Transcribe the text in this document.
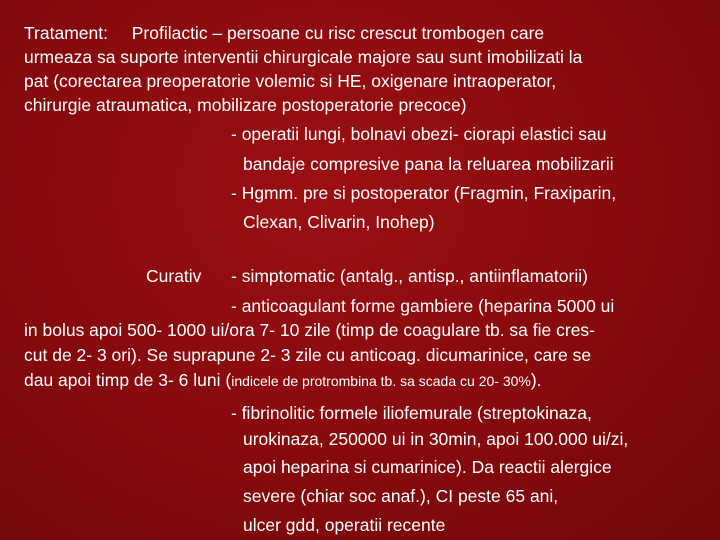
Tratament: Profilactic – persoane cu risc crescut trombogen care
urmeaza sa suporte interventii chirurgicale majore sau sunt imobilizati la
pat (corectarea preoperatorie volemic si HE, oxigenare intraoperator,
chirurgie atraumatica, mobilizare postoperatorie precoce)
- operatii lungi, bolnavi obezi- ciorapi elastici sau
bandaje compresive pana la reluarea mobilizarii
- Hgmm. pre si postoperator (Fragmin, Fraxiparin,
Clexan, Clivarin, Inohep)
Curativ - simptomatic (antalg., antisp., antiinflamatorii)
- anticoagulant forme gambiere (heparina 5000 ui
in bolus apoi 500- 1000 ui/ora 7- 10 zile (timp de coagulare tb. sa fie cres-
cut de 2- 3 ori). Se suprapune 2- 3 zile cu anticoag. dicumarinice, care se
dau apoi timp de 3- 6 luni (indicele de protrombina tb. sa scada cu 20- 30%).
- fibrinolitic formele iliofemurale (streptokinaza,
urokinaza, 250000 ui in 30min, apoi 100.000 ui/zi,
apoi heparina si cumarinice). Da reactii alergice
severe (chiar soc anaf.), CI peste 65 ani,
ulcer gdd, operatii recente
